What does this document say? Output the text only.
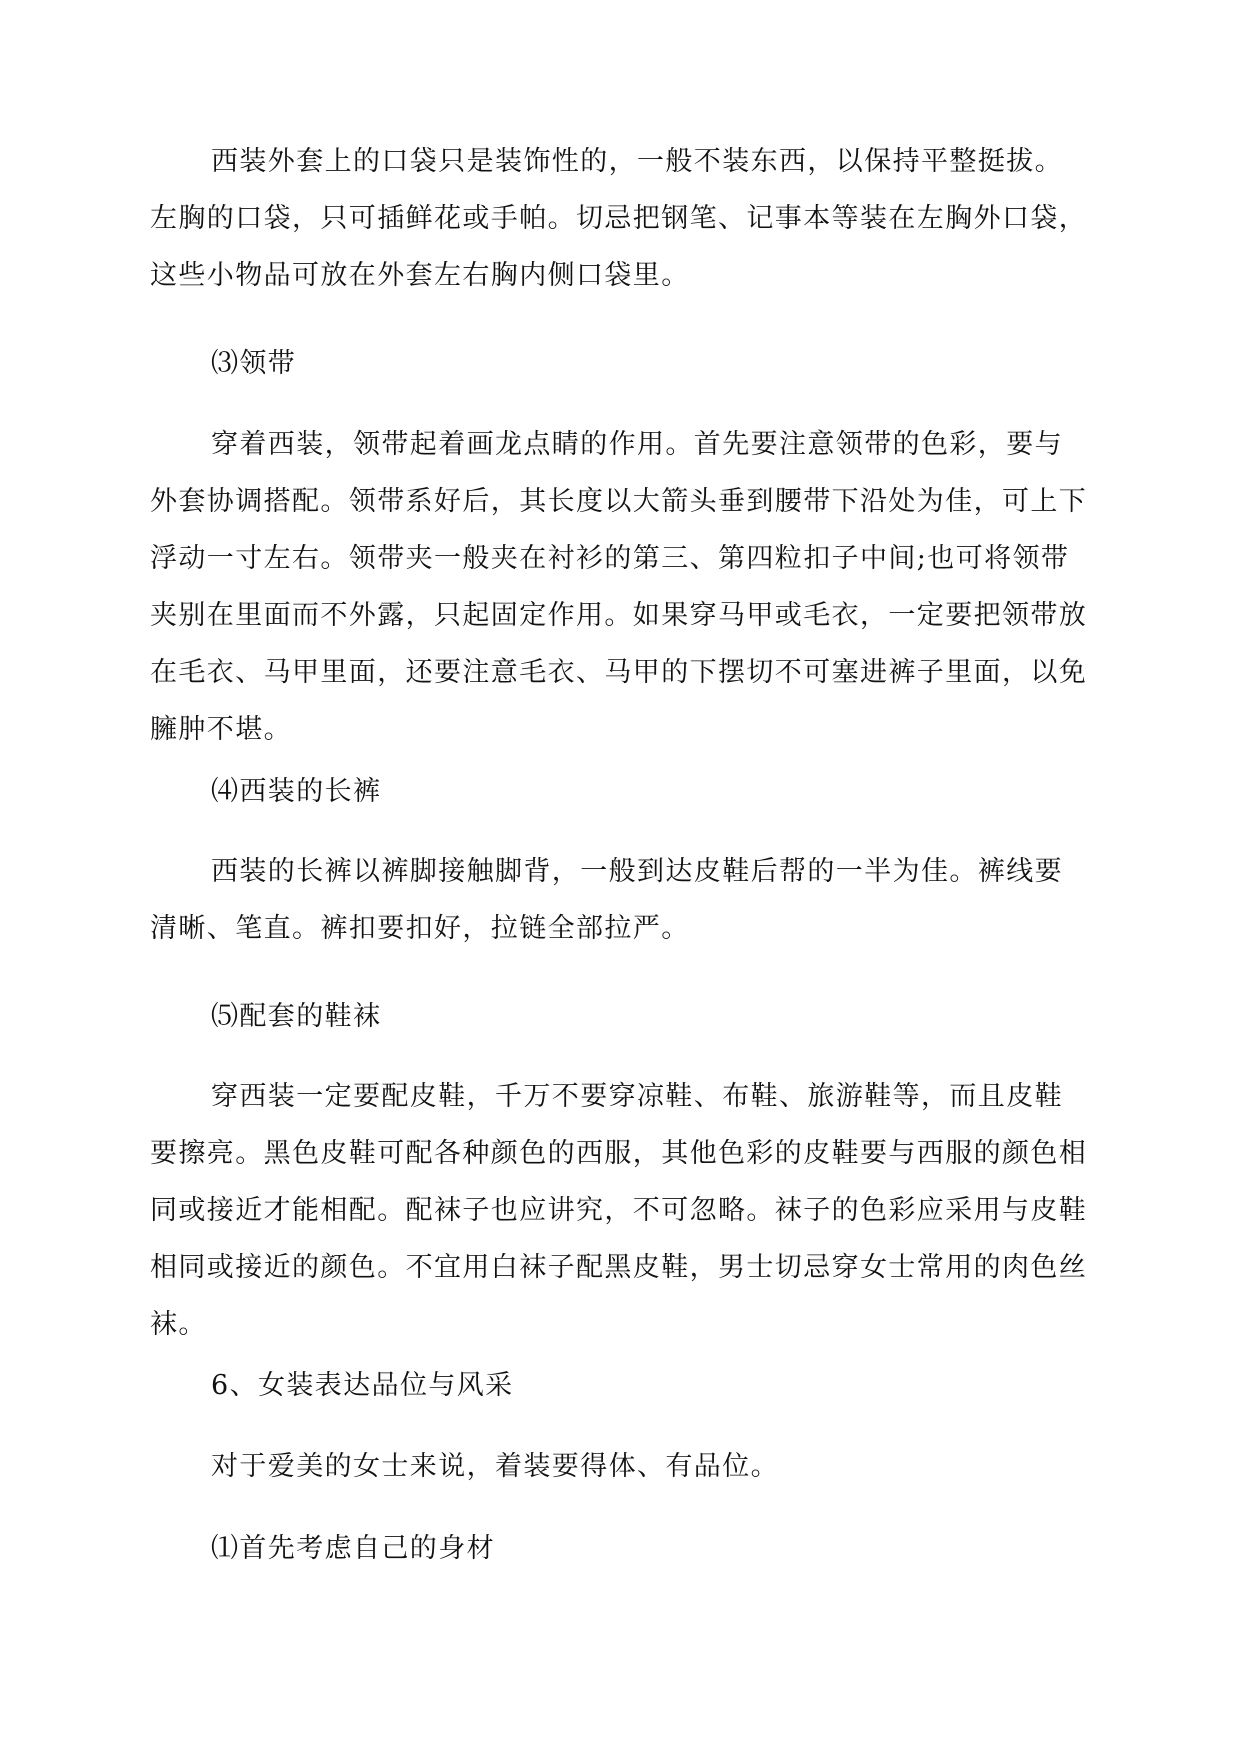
西装外套上的口袋只是装饰性的，一般不装东西，以保持平整挺拔。左胸的口袋，只可插鲜花或手帕。切忌把钢笔、记事本等装在左胸外口袋，这些小物品可放在外套左右胸内侧口袋里。

⑶领带

穿着西装，领带起着画龙点睛的作用。首先要注意领带的色彩，要与外套协调搭配。领带系好后，其长度以大箭头垂到腰带下沿处为佳，可上下浮动一寸左右。领带夹一般夹在衬衫的第三、第四粒扣子中间;也可将领带夹别在里面而不外露，只起固定作用。如果穿马甲或毛衣，一定要把领带放在毛衣、马甲里面，还要注意毛衣、马甲的下摆切不可塞进裤子里面，以免臃肿不堪。

⑷西装的长裤

西装的长裤以裤脚接触脚背，一般到达皮鞋后帮的一半为佳。裤线要清晰、笔直。裤扣要扣好，拉链全部拉严。

⑸配套的鞋袜

穿西装一定要配皮鞋，千万不要穿凉鞋、布鞋、旅游鞋等，而且皮鞋要擦亮。黑色皮鞋可配各种颜色的西服，其他色彩的皮鞋要与西服的颜色相同或接近才能相配。配袜子也应讲究，不可忽略。袜子的色彩应采用与皮鞋相同或接近的颜色。不宜用白袜子配黑皮鞋，男士切忌穿女士常用的肉色丝袜。

6、女装表达品位与风采

对于爱美的女士来说，着装要得体、有品位。

⑴首先考虑自己的身材
